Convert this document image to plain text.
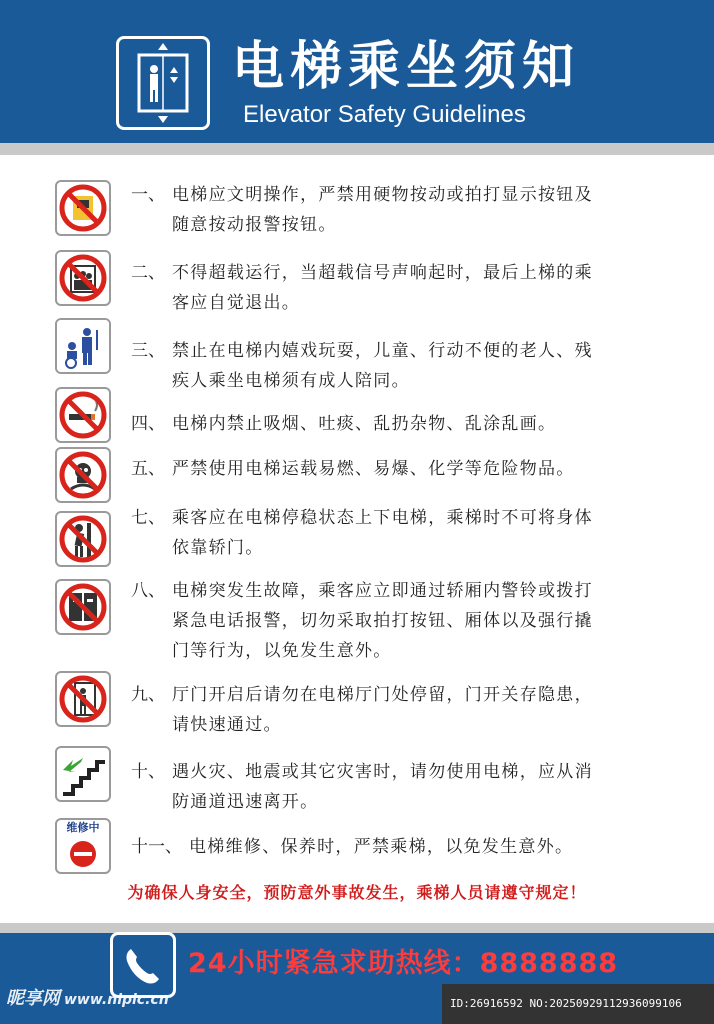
电梯乘坐须知
Elevator Safety Guidelines
一、 电梯应文明操作，严禁用硬物按动或拍打显示按钮及
随意按动报警按钮。
二、 不得超载运行，当超载信号声响起时，最后上梯的乘
客应自觉退出。
三、 禁止在电梯内嬉戏玩耍，儿童、行动不便的老人、残
疾人乘坐电梯须有成人陪同。
四、 电梯内禁止吸烟、吐痰、乱扔杂物、乱涂乱画。
五、 严禁使用电梯运载易燃、易爆、化学等危险物品。
七、 乘客应在电梯停稳状态上下电梯，乘梯时不可将身体
依靠轿门。
八、 电梯突发生故障，乘客应立即通过轿厢内警铃或拨打
紧急电话报警，切勿采取拍打按钮、厢体以及强行撬
门等行为，以免发生意外。
九、 厅门开启后请勿在电梯厅门处停留，门开关存隐患，
请快速通过。
十、 遇火灾、地震或其它灾害时，请勿使用电梯，应从消
防通道迅速离开。
维修中
十一、 电梯维修、保养时，严禁乘梯，以免发生意外。
为确保人身安全，预防意外事故发生，乘梯人员请遵守规定！
24小时紧急求助热线：8888888
昵享网 www.nipic.cn	ID:26916592 NO:20250929112936099106
